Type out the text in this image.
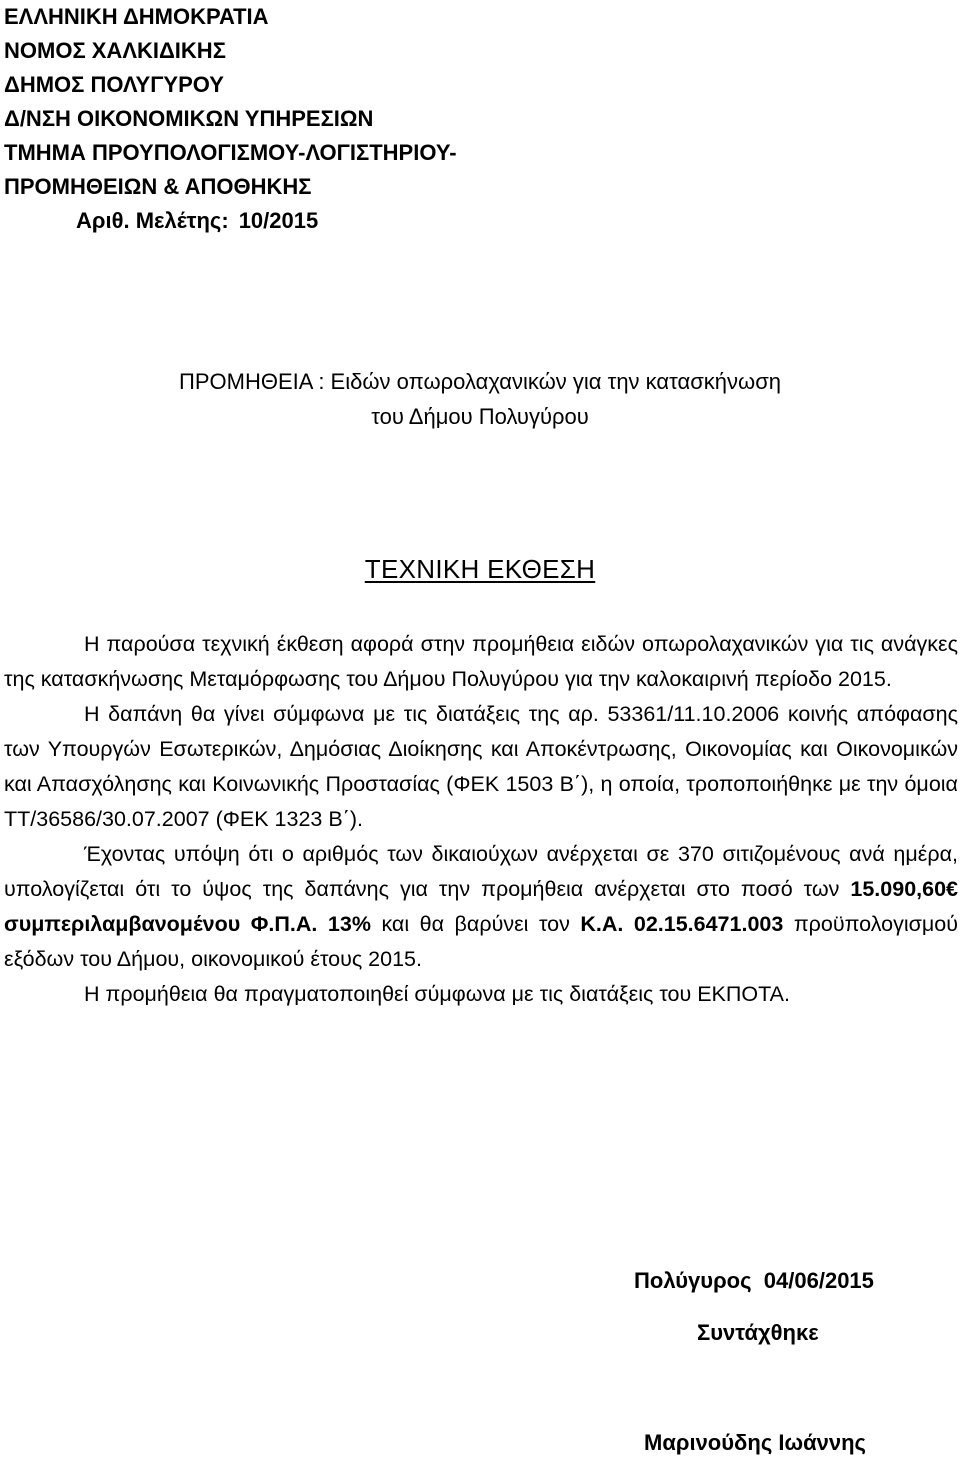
ΕΛΛΗΝΙΚΗ ΔΗΜΟΚΡΑΤΙΑ
ΝΟΜΟΣ ΧΑΛΚΙΔΙΚΗΣ
ΔΗΜΟΣ ΠΟΛΥΓΥΡΟΥ
Δ/ΝΣΗ ΟΙΚΟΝΟΜΙΚΩΝ ΥΠΗΡΕΣΙΩΝ
ΤΜΗΜΑ ΠΡΟΥΠΟΛΟΓΙΣΜΟΥ-ΛΟΓΙΣΤΗΡΙΟΥ-
ΠΡΟΜΗΘΕΙΩΝ & ΑΠΟΘΗΚΗΣ
Αριθ. Μελέτης: 10/2015
ΠΡΟΜΗΘΕΙΑ : Ειδών οπωρολαχανικών για την κατασκήνωση
του Δήμου Πολυγύρου
ΤΕΧΝΙΚΗ ΕΚΘΕΣΗ

Η παρούσα τεχνική έκθεση αφορά στην προμήθεια ειδών οπωρολαχανικών για τις ανάγκες της κατασκήνωσης Μεταμόρφωσης του Δήμου Πολυγύρου για την καλοκαιρινή περίοδο 2015.

Η δαπάνη θα γίνει σύμφωνα με τις διατάξεις της αρ. 53361/11.10.2006 κοινής απόφασης των Υπουργών Εσωτερικών, Δημόσιας Διοίκησης και Αποκέντρωσης, Οικονομίας και Οικονομικών και Απασχόλησης και Κοινωνικής Προστασίας (ΦΕΚ 1503 Β΄), η οποία, τροποποιήθηκε με την όμοια ΤΤ/36586/30.07.2007 (ΦΕΚ 1323 Β΄).

Έχοντας υπόψη ότι ο αριθμός των δικαιούχων ανέρχεται σε 370 σιτιζομένους ανά ημέρα, υπολογίζεται ότι το ύψος της δαπάνης για την προμήθεια ανέρχεται στο ποσό των 15.090,60€ συμπεριλαμβανομένου Φ.Π.Α. 13% και θα βαρύνει τον Κ.Α. 02.15.6471.003 προϋπολογισμού εξόδων του Δήμου, οικονομικού έτους 2015.

Η προμήθεια θα πραγματοποιηθεί σύμφωνα με τις διατάξεις του ΕΚΠΟΤΑ.

Πολύγυρος  04/06/2015
Συντάχθηκε
Μαρινούδης Ιωάννης
